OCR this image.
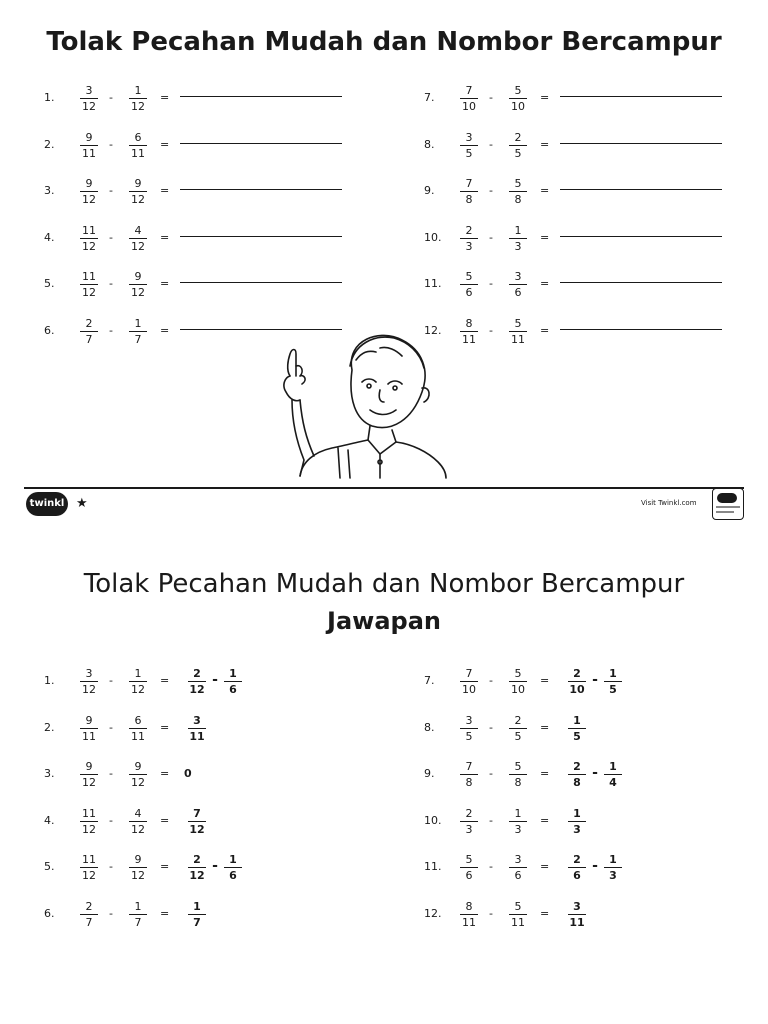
Tolak Pecahan Mudah dan Nombor Bercampur
1.
3
12
-
1
12
=
2.
9
11
-
6
11
=
3.
9
12
-
9
12
=
4.
11
12
-
4
12
=
5.
11
12
-
9
12
=
6.
2
7
-
1
7
=
7.
7
10
-
5
10
=
8.
3
5
-
2
5
=
9.
7
8
-
5
8
=
10.
2
3
-
1
3
=
11.
5
6
-
3
6
=
12.
8
11
-
5
11
=
twinkl ★	Visit Twinkl.com
Tolak Pecahan Mudah dan Nombor Bercampur
Jawapan
1.
3
12
-
1
12
= $\frac{2}{12} - \frac{1}{6}$
2.
9
11
-
6
11
= $\frac{3}{11}$
3.
9
12
-
9
12
= 0
4.
11
12
-
4
12
= $\frac{7}{12}$
5.
11
12
-
9
12
= $\frac{2}{12} - \frac{1}{6}$
6.
2
7
-
1
7
= $\frac{1}{7}$
7.
7
10
-
5
10
= $\frac{2}{10} - \frac{1}{5}$
8.
3
5
-
2
5
= $\frac{1}{5}$
9.
7
8
-
5
8
= $\frac{2}{8} - \frac{1}{4}$
10.
2
3
-
1
3
= $\frac{1}{3}$
11.
5
6
-
3
6
= $\frac{2}{6} - \frac{1}{3}$
12.
8
11
-
5
11
= $\frac{3}{11}$
